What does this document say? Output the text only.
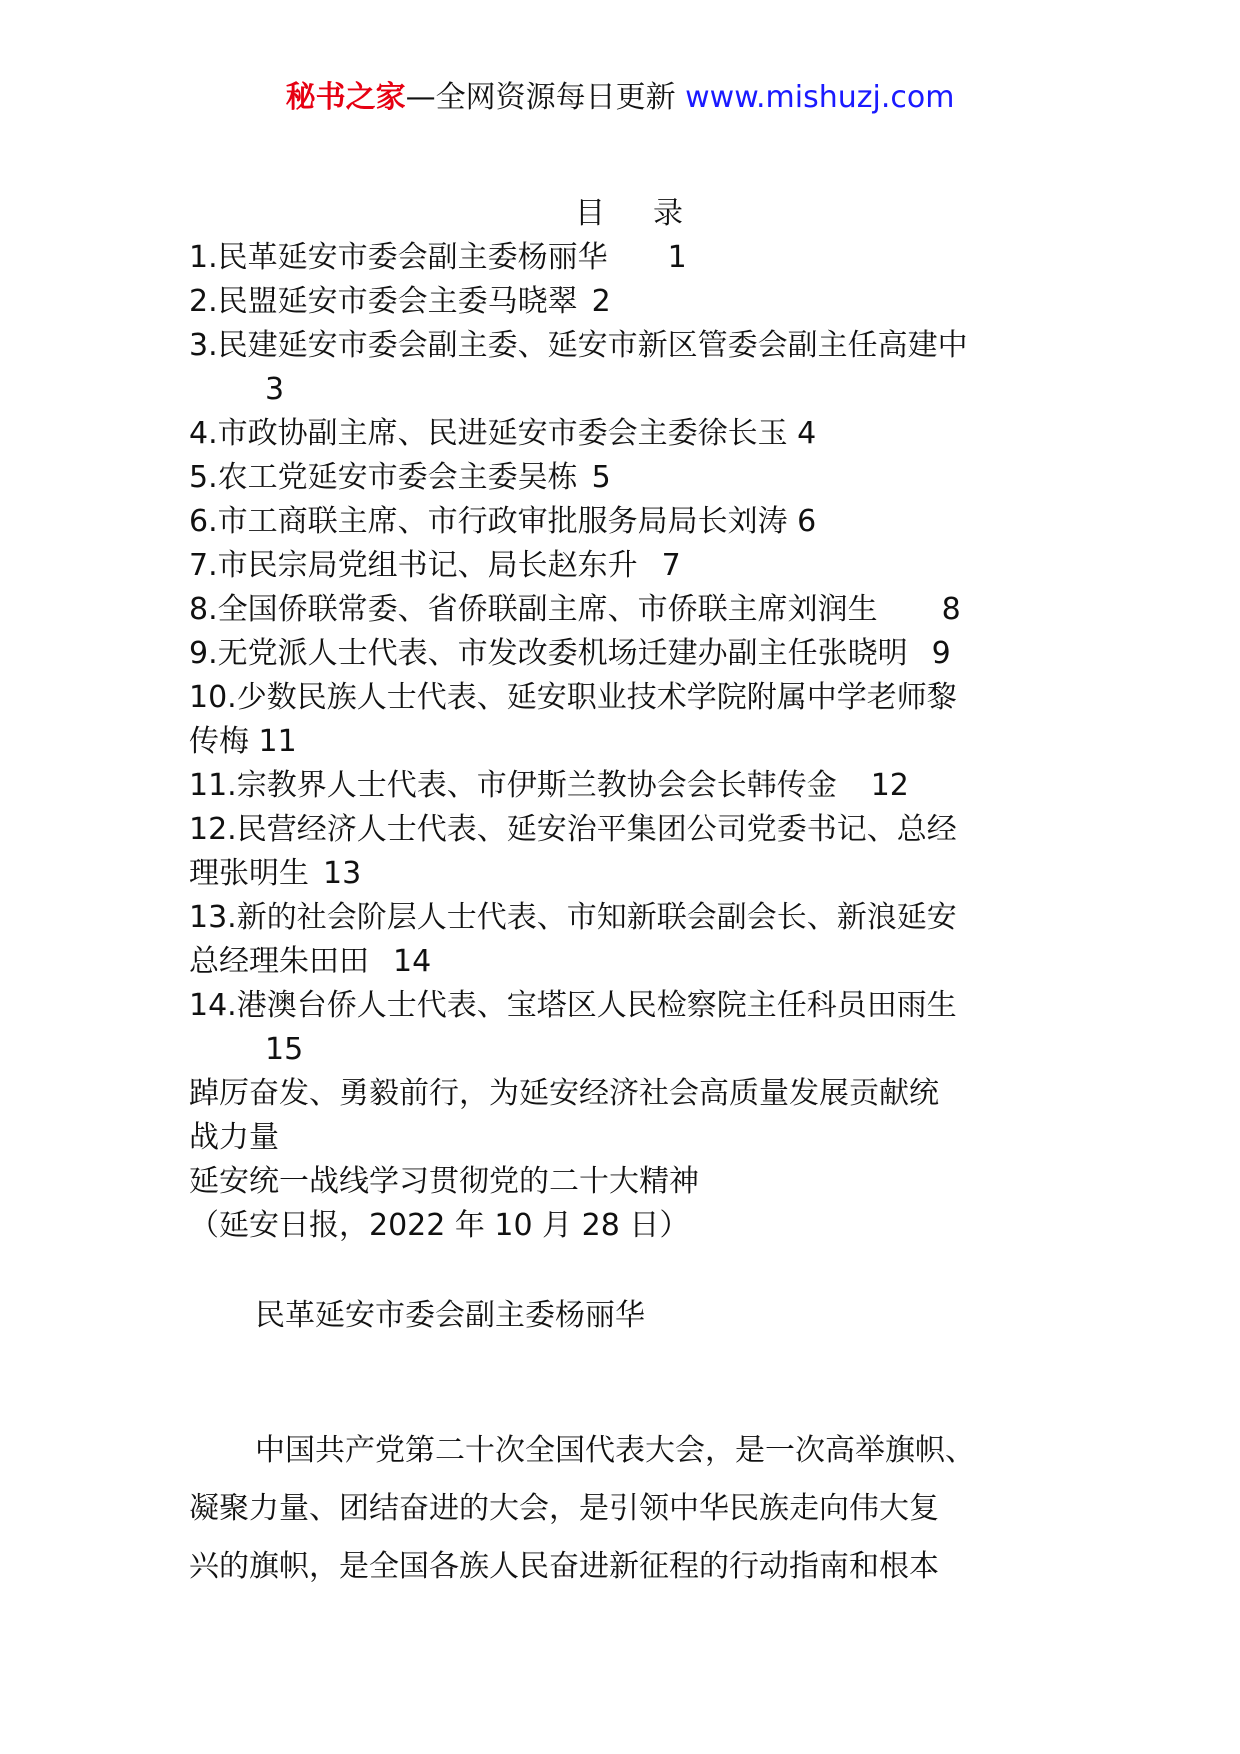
秘书之家—全网资源每日更新 www.mishuzj.com
目 录
1.民革延安市委会副主委杨丽华 1
2.民盟延安市委会主委马晓翠 2
3.民建延安市委会副主委、延安市新区管委会副主任高建中
3
4.市政协副主席、民进延安市委会主委徐长玉 4
5.农工党延安市委会主委吴栋 5
6.市工商联主席、市行政审批服务局局长刘涛 6
7.市民宗局党组书记、局长赵东升 7
8.全国侨联常委、省侨联副主席、市侨联主席刘润生 8
9.无党派人士代表、市发改委机场迁建办副主任张晓明 9
10.少数民族人士代表、延安职业技术学院附属中学老师黎
传梅 11
11.宗教界人士代表、市伊斯兰教协会会长韩传金 12
12.民营经济人士代表、延安治平集团公司党委书记、总经
理张明生 13
13.新的社会阶层人士代表、市知新联会副会长、新浪延安
总经理朱田田 14
14.港澳台侨人士代表、宝塔区人民检察院主任科员田雨生
15
踔厉奋发、勇毅前行，为延安经济社会高质量发展贡献统
战力量
延安统一战线学习贯彻党的二十大精神
（延安日报，2022 年 10 月 28 日）
民革延安市委会副主委杨丽华
中国共产党第二十次全国代表大会，是一次高举旗帜、
凝聚力量、团结奋进的大会，是引领中华民族走向伟大复
兴的旗帜，是全国各族人民奋进新征程的行动指南和根本
